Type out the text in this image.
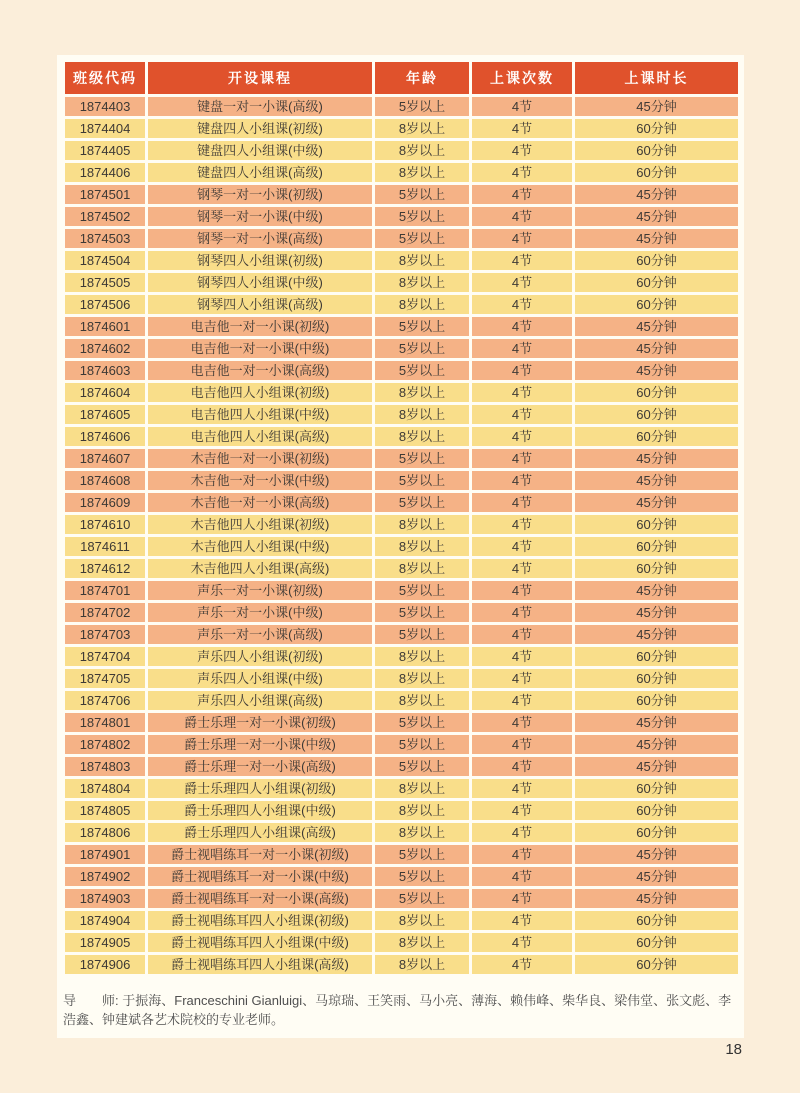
班级代码	开设课程	年龄	上课次数	上课时长
1874403	键盘一对一小课(高级)	5岁以上	4节	45分钟
1874404	键盘四人小组课(初级)	8岁以上	4节	60分钟
1874405	键盘四人小组课(中级)	8岁以上	4节	60分钟
1874406	键盘四人小组课(高级)	8岁以上	4节	60分钟
1874501	钢琴一对一小课(初级)	5岁以上	4节	45分钟
1874502	钢琴一对一小课(中级)	5岁以上	4节	45分钟
1874503	钢琴一对一小课(高级)	5岁以上	4节	45分钟
1874504	钢琴四人小组课(初级)	8岁以上	4节	60分钟
1874505	钢琴四人小组课(中级)	8岁以上	4节	60分钟
1874506	钢琴四人小组课(高级)	8岁以上	4节	60分钟
1874601	电吉他一对一小课(初级)	5岁以上	4节	45分钟
1874602	电吉他一对一小课(中级)	5岁以上	4节	45分钟
1874603	电吉他一对一小课(高级)	5岁以上	4节	45分钟
1874604	电吉他四人小组课(初级)	8岁以上	4节	60分钟
1874605	电吉他四人小组课(中级)	8岁以上	4节	60分钟
1874606	电吉他四人小组课(高级)	8岁以上	4节	60分钟
1874607	木吉他一对一小课(初级)	5岁以上	4节	45分钟
1874608	木吉他一对一小课(中级)	5岁以上	4节	45分钟
1874609	木吉他一对一小课(高级)	5岁以上	4节	45分钟
1874610	木吉他四人小组课(初级)	8岁以上	4节	60分钟
1874611	木吉他四人小组课(中级)	8岁以上	4节	60分钟
1874612	木吉他四人小组课(高级)	8岁以上	4节	60分钟
1874701	声乐一对一小课(初级)	5岁以上	4节	45分钟
1874702	声乐一对一小课(中级)	5岁以上	4节	45分钟
1874703	声乐一对一小课(高级)	5岁以上	4节	45分钟
1874704	声乐四人小组课(初级)	8岁以上	4节	60分钟
1874705	声乐四人小组课(中级)	8岁以上	4节	60分钟
1874706	声乐四人小组课(高级)	8岁以上	4节	60分钟
1874801	爵士乐理一对一小课(初级)	5岁以上	4节	45分钟
1874802	爵士乐理一对一小课(中级)	5岁以上	4节	45分钟
1874803	爵士乐理一对一小课(高级)	5岁以上	4节	45分钟
1874804	爵士乐理四人小组课(初级)	8岁以上	4节	60分钟
1874805	爵士乐理四人小组课(中级)	8岁以上	4节	60分钟
1874806	爵士乐理四人小组课(高级)	8岁以上	4节	60分钟
1874901	爵士视唱练耳一对一小课(初级)	5岁以上	4节	45分钟
1874902	爵士视唱练耳一对一小课(中级)	5岁以上	4节	45分钟
1874903	爵士视唱练耳一对一小课(高级)	5岁以上	4节	45分钟
1874904	爵士视唱练耳四人小组课(初级)	8岁以上	4节	60分钟
1874905	爵士视唱练耳四人小组课(中级)	8岁以上	4节	60分钟
1874906	爵士视唱练耳四人小组课(高级)	8岁以上	4节	60分钟

导　　师: 于振海、Franceschini Gianluigi、马琼瑞、王笑雨、马小亮、薄海、赖伟峰、柴华良、梁伟堂、张文彪、李浩鑫、钟建斌各艺术院校的专业老师。

18
